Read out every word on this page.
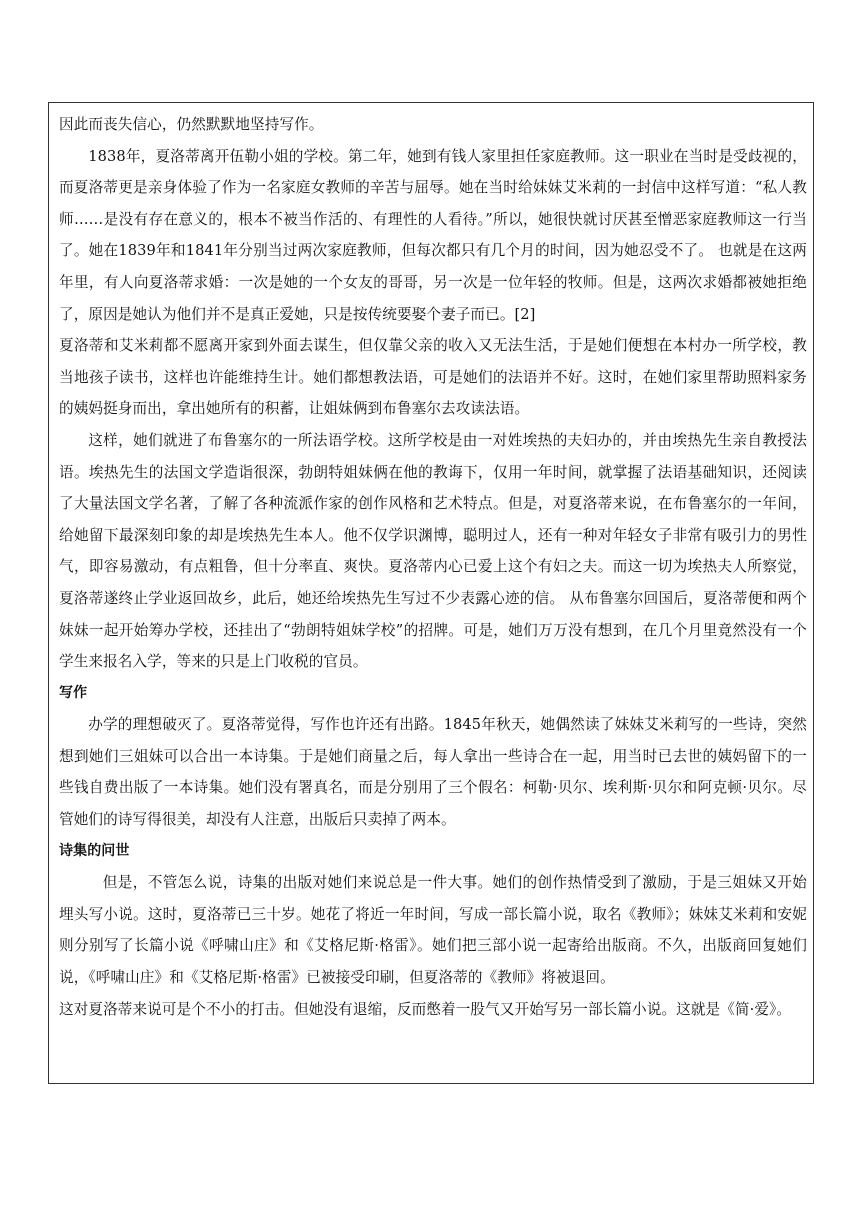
因此而丧失信心，仍然默默地坚持写作。

1838年，夏洛蒂离开伍勒小姐的学校。第二年，她到有钱人家里担任家庭教师。这一职业在当时是受歧视的，而夏洛蒂更是亲身体验了作为一名家庭女教师的辛苦与屈辱。她在当时给妹妹艾米莉的一封信中这样写道：“私人教师……是没有存在意义的，根本不被当作活的、有理性的人看待。”所以，她很快就讨厌甚至憎恶家庭教师这一行当了。她在1839年和1841年分别当过两次家庭教师，但每次都只有几个月的时间，因为她忍受不了。 也就是在这两年里，有人向夏洛蒂求婚：一次是她的一个女友的哥哥，另一次是一位年轻的牧师。但是，这两次求婚都被她拒绝了，原因是她认为他们并不是真正爱她，只是按传统要娶个妻子而已。[2]

夏洛蒂和艾米莉都不愿离开家到外面去谋生，但仅靠父亲的收入又无法生活，于是她们便想在本村办一所学校，教当地孩子读书，这样也许能维持生计。她们都想教法语，可是她们的法语并不好。这时，在她们家里帮助照料家务的姨妈挺身而出，拿出她所有的积蓄，让姐妹俩到布鲁塞尔去攻读法语。

这样，她们就进了布鲁塞尔的一所法语学校。这所学校是由一对姓埃热的夫妇办的，并由埃热先生亲自教授法语。埃热先生的法国文学造诣很深，勃朗特姐妹俩在他的教诲下，仅用一年时间，就掌握了法语基础知识，还阅读了大量法国文学名著，了解了各种流派作家的创作风格和艺术特点。但是，对夏洛蒂来说，在布鲁塞尔的一年间，给她留下最深刻印象的却是埃热先生本人。他不仅学识渊博，聪明过人，还有一种对年轻女子非常有吸引力的男性气，即容易激动，有点粗鲁，但十分率直、爽快。夏洛蒂内心已爱上这个有妇之夫。而这一切为埃热夫人所察觉，夏洛蒂遂终止学业返回故乡，此后，她还给埃热先生写过不少表露心迹的信。 从布鲁塞尔回国后，夏洛蒂便和两个妹妹一起开始筹办学校，还挂出了“勃朗特姐妹学校”的招牌。可是，她们万万没有想到，在几个月里竟然没有一个学生来报名入学，等来的只是上门收税的官员。

写作

办学的理想破灭了。夏洛蒂觉得，写作也许还有出路。1845年秋天，她偶然读了妹妹艾米莉写的一些诗，突然想到她们三姐妹可以合出一本诗集。于是她们商量之后，每人拿出一些诗合在一起，用当时已去世的姨妈留下的一些钱自费出版了一本诗集。她们没有署真名，而是分别用了三个假名：柯勒·贝尔、埃利斯·贝尔和阿克顿·贝尔。尽管她们的诗写得很美，却没有人注意，出版后只卖掉了两本。

诗集的问世

但是，不管怎么说，诗集的出版对她们来说总是一件大事。她们的创作热情受到了激励，于是三姐妹又开始埋头写小说。这时，夏洛蒂已三十岁。她花了将近一年时间，写成一部长篇小说，取名《教师》；妹妹艾米莉和安妮则分别写了长篇小说《呼啸山庄》和《艾格尼斯·格雷》。她们把三部小说一起寄给出版商。不久，出版商回复她们说，《呼啸山庄》和《艾格尼斯·格雷》已被接受印刷，但夏洛蒂的《教师》将被退回。

这对夏洛蒂来说可是个不小的打击。但她没有退缩，反而憋着一股气又开始写另一部长篇小说。这就是《简·爱》。
